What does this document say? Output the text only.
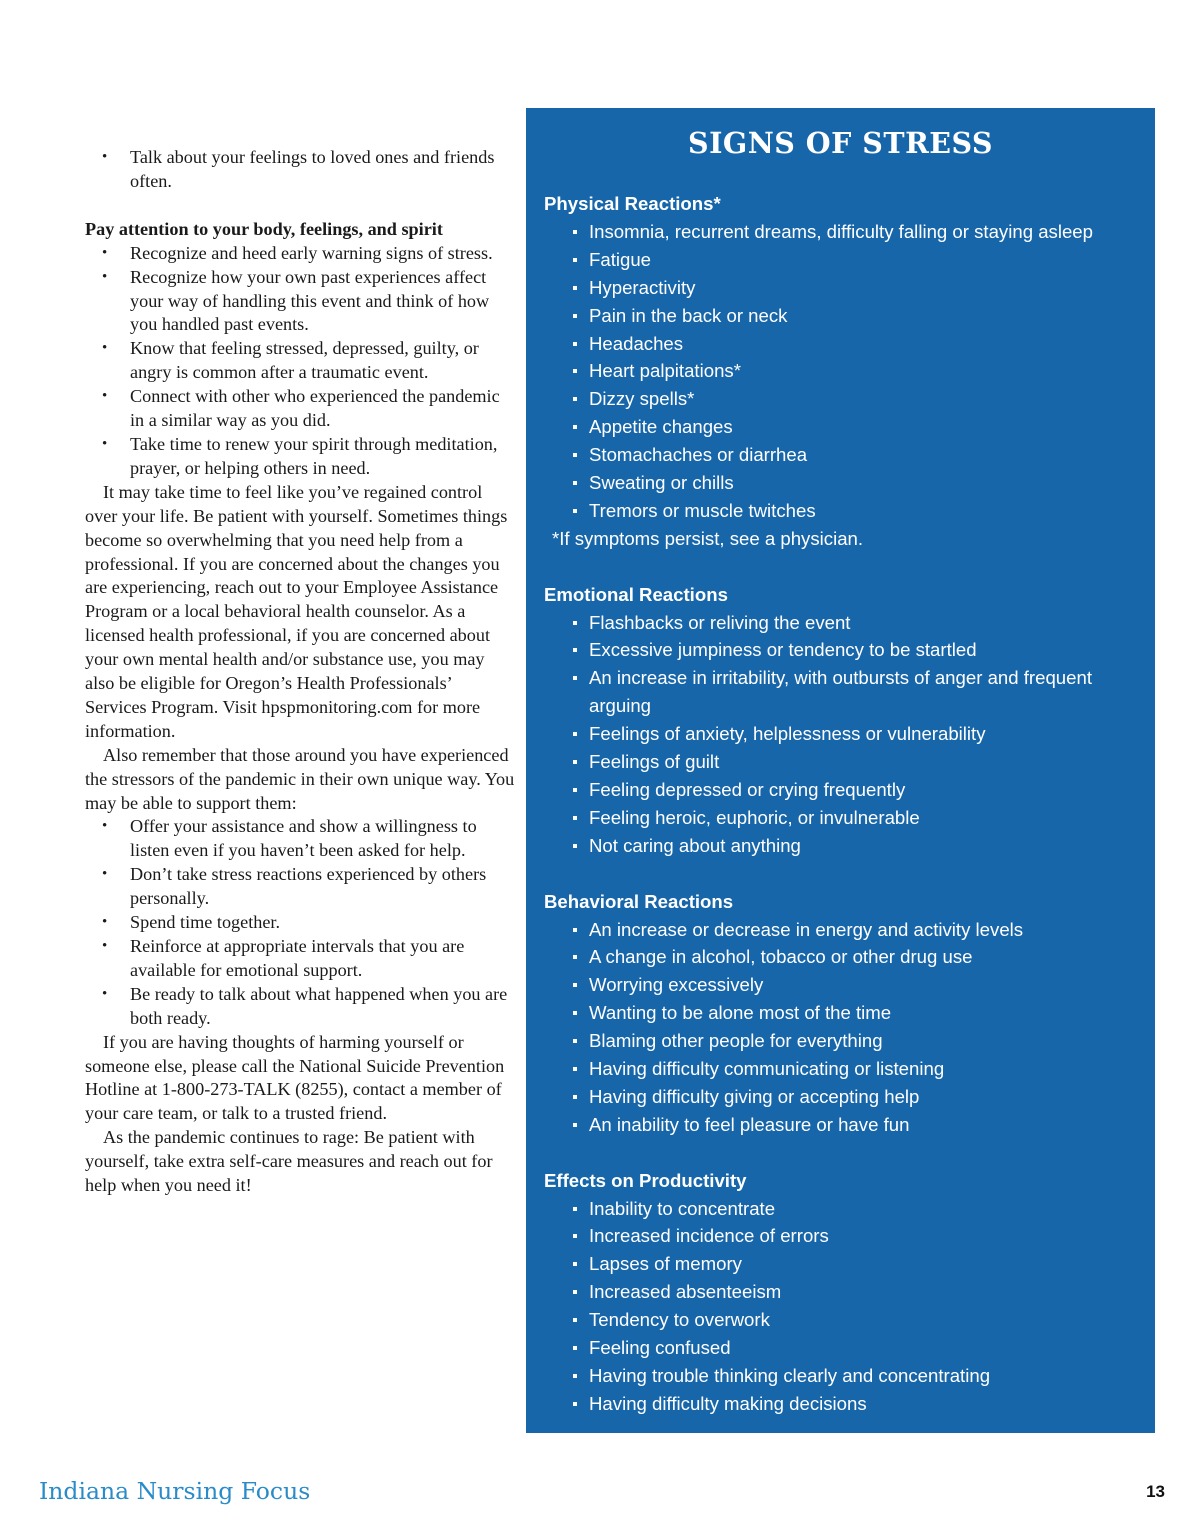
• Talk about your feelings to loved ones and friends often.

Pay attention to your body, feelings, and spirit

• Recognize and heed early warning signs of stress.
• Recognize how your own past experiences affect your way of handling this event and think of how you handled past events.
• Know that feeling stressed, depressed, guilty, or angry is common after a traumatic event.
• Connect with other who experienced the pandemic in a similar way as you did.
• Take time to renew your spirit through meditation, prayer, or helping others in need.

It may take time to feel like you’ve regained control over your life. Be patient with yourself. Sometimes things become so overwhelming that you need help from a professional. If you are concerned about the changes you are experiencing, reach out to your Employee Assistance Program or a local behavioral health counselor. As a licensed health professional, if you are concerned about your own mental health and/or substance use, you may also be eligible for Oregon’s Health Professionals’ Services Program. Visit hpspmonitoring.com for more information.

Also remember that those around you have experienced the stressors of the pandemic in their own unique way. You may be able to support them:

• Offer your assistance and show a willingness to listen even if you haven’t been asked for help.
• Don’t take stress reactions experienced by others personally.
• Spend time together.
• Reinforce at appropriate intervals that you are available for emotional support.
• Be ready to talk about what happened when you are both ready.

If you are having thoughts of harming yourself or someone else, please call the National Suicide Prevention Hotline at 1-800-273-TALK (8255), contact a member of your care team, or talk to a trusted friend.

As the pandemic continues to rage: Be patient with yourself, take extra self-care measures and reach out for help when you need it!

SIGNS OF STRESS

Physical Reactions*

Insomnia, recurrent dreams, difficulty falling or staying asleep
Fatigue
Hyperactivity
Pain in the back or neck
Headaches
Heart palpitations*
Dizzy spells*
Appetite changes
Stomachaches or diarrhea
Sweating or chills
Tremors or muscle twitches

*If symptoms persist, see a physician.

Emotional Reactions

Flashbacks or reliving the event
Excessive jumpiness or tendency to be startled
An increase in irritability, with outbursts of anger and frequent arguing
Feelings of anxiety, helplessness or vulnerability
Feelings of guilt
Feeling depressed or crying frequently
Feeling heroic, euphoric, or invulnerable
Not caring about anything

Behavioral Reactions

An increase or decrease in energy and activity levels
A change in alcohol, tobacco or other drug use
Worrying excessively
Wanting to be alone most of the time
Blaming other people for everything
Having difficulty communicating or listening
Having difficulty giving or accepting help
An inability to feel pleasure or have fun

Effects on Productivity

Inability to concentrate
Increased incidence of errors
Lapses of memory
Increased absenteeism
Tendency to overwork
Feeling confused
Having trouble thinking clearly and concentrating
Having difficulty making decisions
Indiana Nursing Focus	13
